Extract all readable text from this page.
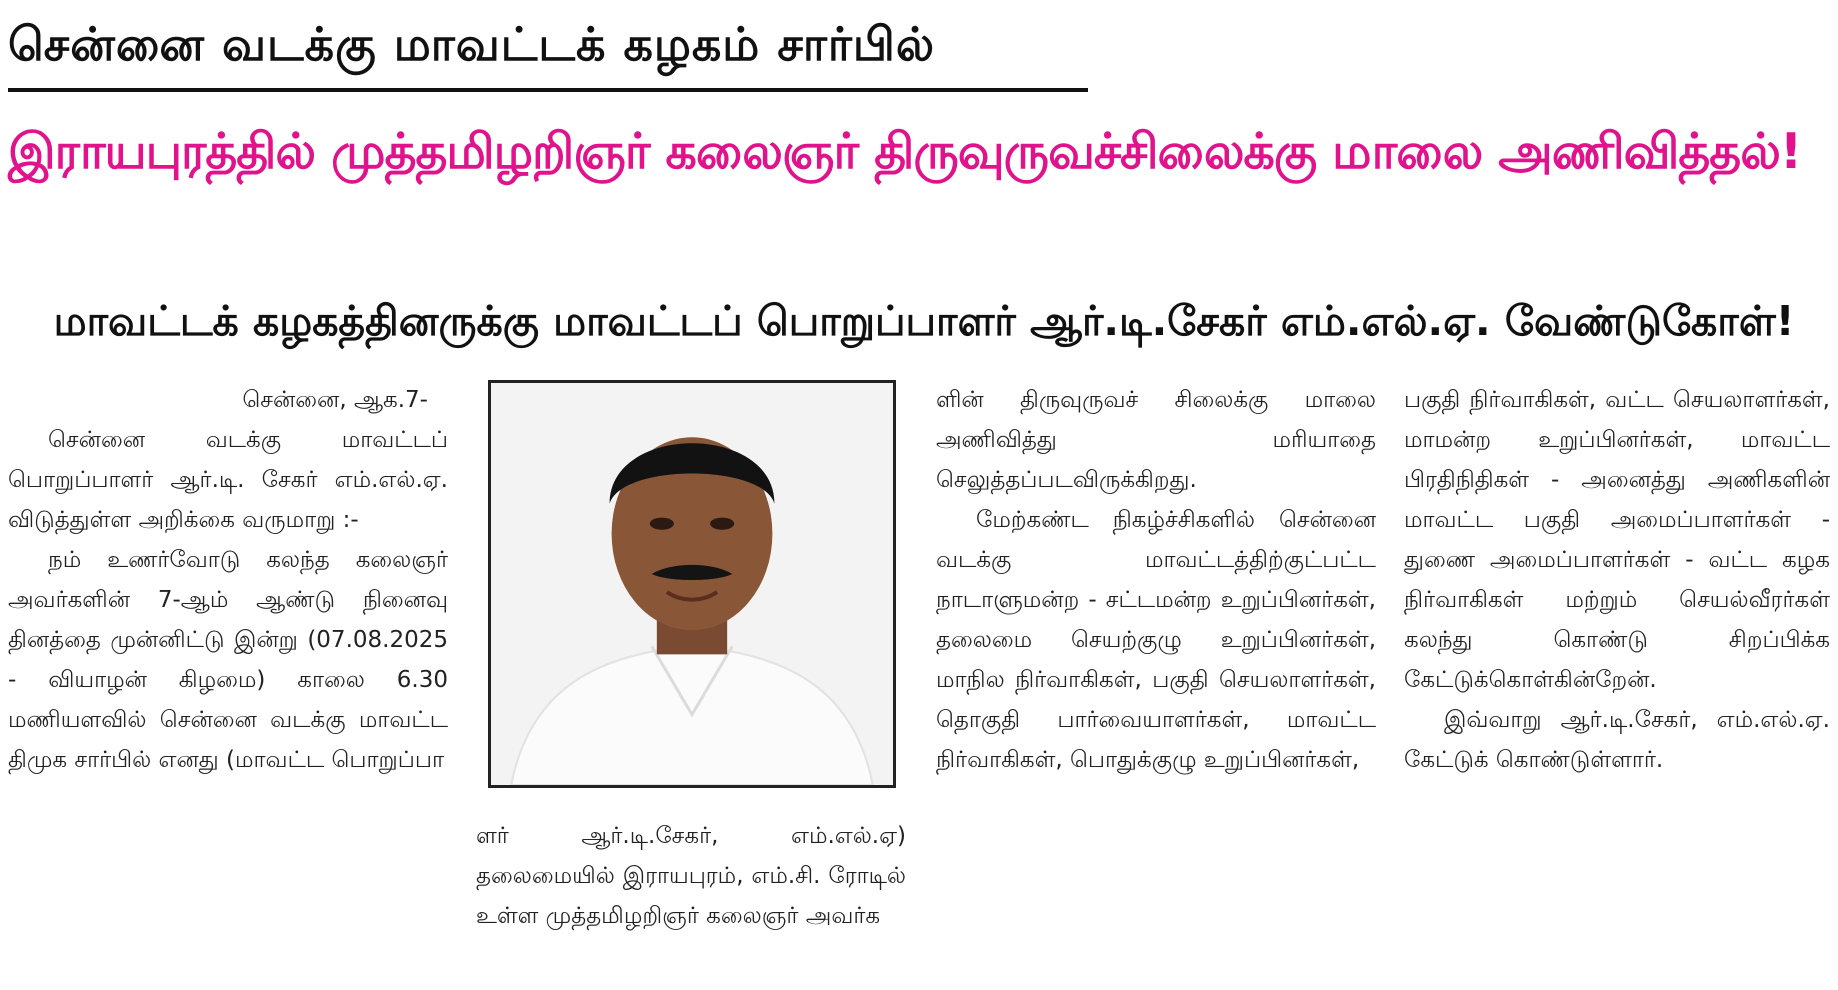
சென்னை வடக்கு மாவட்டக் கழகம் சார்பில்
இராயபுரத்தில் முத்தமிழறிஞர் கலைஞர் திருவுருவச்சிலைக்கு மாலை அணிவித்தல்!
மாவட்டக் கழகத்தினருக்கு மாவட்டப் பொறுப்பாளர் ஆர்.டி.சேகர் எம்.எல்.ஏ. வேண்டுகோள்!

சென்னை, ஆக.7-

சென்னை வடக்கு மாவட்டப் பொறுப்பாளர் ஆர்.டி. சேகர் எம்.எல்.ஏ. விடுத்துள்ள அறிக்கை வருமாறு :-

நம் உணர்வோடு கலந்த கலைஞர் அவர்களின் 7-ஆம் ஆண்டு நினைவு தினத்தை முன்னிட்டு இன்று (07.08.2025 - வியாழன் கிழமை) காலை 6.30 மணியளவில் சென்னை வடக்கு மாவட்ட திமுக சார்பில் எனது (மாவட்ட பொறுப்பா

ளர் ஆர்.டி.சேகர், எம்.எல்.ஏ) தலைமையில் இராயபுரம், எம்.சி. ரோடில் உள்ள முத்தமிழறிஞர் கலைஞர் அவர்க

ளின் திருவுருவச் சிலைக்கு மாலை அணிவித்து மரியாதை செலுத்தப்படவிருக்கிறது.

மேற்கண்ட நிகழ்ச்சிகளில் சென்னை வடக்கு மாவட்டத்திற்குட்பட்ட நாடாளுமன்ற - சட்டமன்ற உறுப்பினர்கள், தலைமை செயற்குழு உறுப்பினர்கள், மாநில நிர்வாகிகள், பகுதி செயலாளர்கள், தொகுதி பார்வையாளர்கள், மாவட்ட நிர்வாகிகள், பொதுக்குழு உறுப்பினர்கள்,

பகுதி நிர்வாகிகள், வட்ட செயலாளர்கள், மாமன்ற உறுப்பினர்கள், மாவட்ட பிரதிநிதிகள் - அனைத்து அணிகளின் மாவட்ட பகுதி அமைப்பாளர்கள் - துணை அமைப்பாளர்கள் - வட்ட கழக நிர்வாகிகள் மற்றும் செயல்வீரர்கள் கலந்து கொண்டு சிறப்பிக்க கேட்டுக்கொள்கின்றேன்.

இவ்வாறு ஆர்.டி.சேகர், எம்.எல்.ஏ. கேட்டுக் கொண்டுள்ளார்.
